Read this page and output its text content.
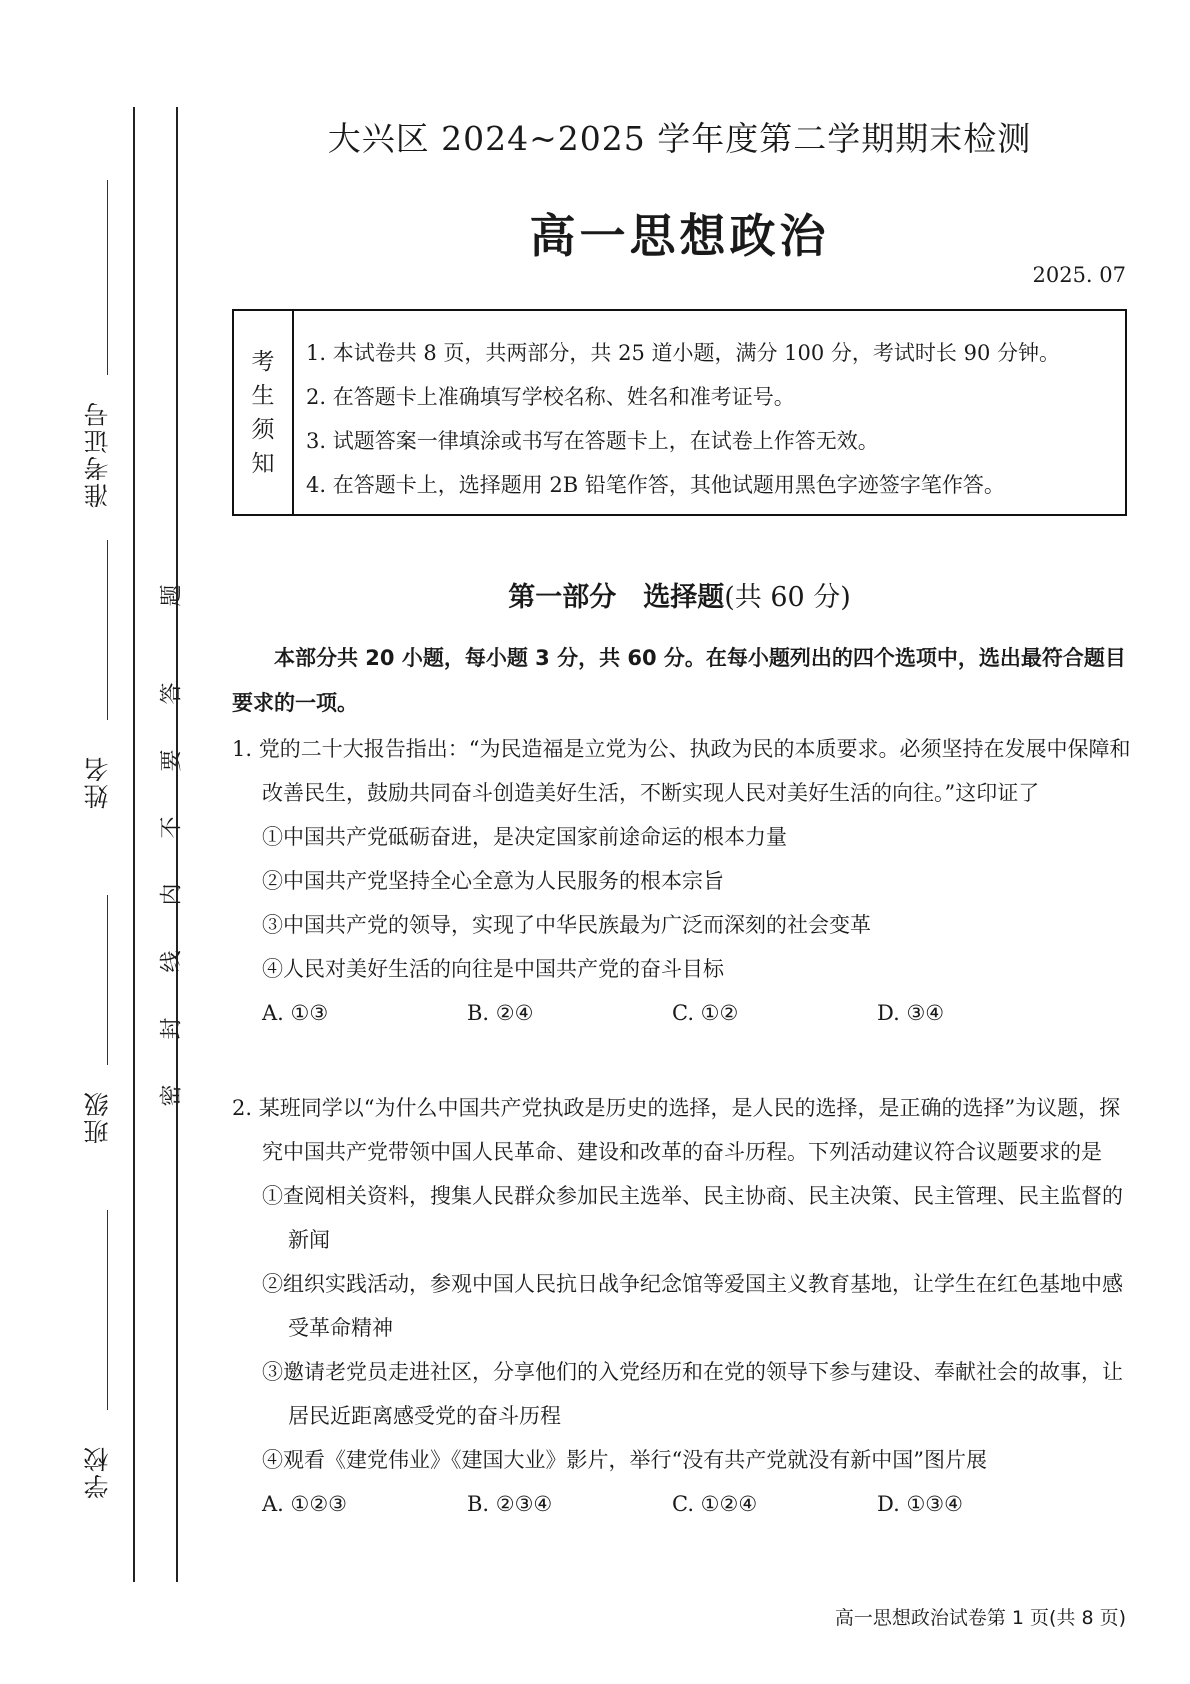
准考证号
姓名
班级
学校
密
封
线
内
不
要
答
题
大兴区 2024~2025 学年度第二学期期末检测
高一思想政治
2025. 07
考
生
须
知
1. 本试卷共 8 页，共两部分，共 25 道小题，满分 100 分，考试时长 90 分钟。
2. 在答题卡上准确填写学校名称、姓名和准考证号。
3. 试题答案一律填涂或书写在答题卡上，在试卷上作答无效。
4. 在答题卡上，选择题用 2B 铅笔作答，其他试题用黑色字迹签字笔作答。
第一部分　选择题(共 60 分)
本部分共 20 小题，每小题 3 分，共 60 分。在每小题列出的四个选项中，选出最符合题目要求的一项。

1. 党的二十大报告指出：“为民造福是立党为公、执政为民的本质要求。必须坚持在发展中保障和改善民生，鼓励共同奋斗创造美好生活，不断实现人民对美好生活的向往。”这印证了

①中国共产党砥砺奋进，是决定国家前途命运的根本力量

②中国共产党坚持全心全意为人民服务的根本宗旨

③中国共产党的领导，实现了中华民族最为广泛而深刻的社会变革

④人民对美好生活的向往是中国共产党的奋斗目标

A. ①③	B. ②④	C. ①②	D. ③④

2. 某班同学以“为什么中国共产党执政是历史的选择，是人民的选择，是正确的选择”为议题，探究中国共产党带领中国人民革命、建设和改革的奋斗历程。下列活动建议符合议题要求的是

①查阅相关资料，搜集人民群众参加民主选举、民主协商、民主决策、民主管理、民主监督的新闻

②组织实践活动，参观中国人民抗日战争纪念馆等爱国主义教育基地，让学生在红色基地中感受革命精神

③邀请老党员走进社区，分享他们的入党经历和在党的领导下参与建设、奉献社会的故事，让居民近距离感受党的奋斗历程

④观看《建党伟业》《建国大业》影片，举行“没有共产党就没有新中国”图片展

A. ①②③	B. ②③④	C. ①②④	D. ①③④
高一思想政治试卷第 1 页(共 8 页)
